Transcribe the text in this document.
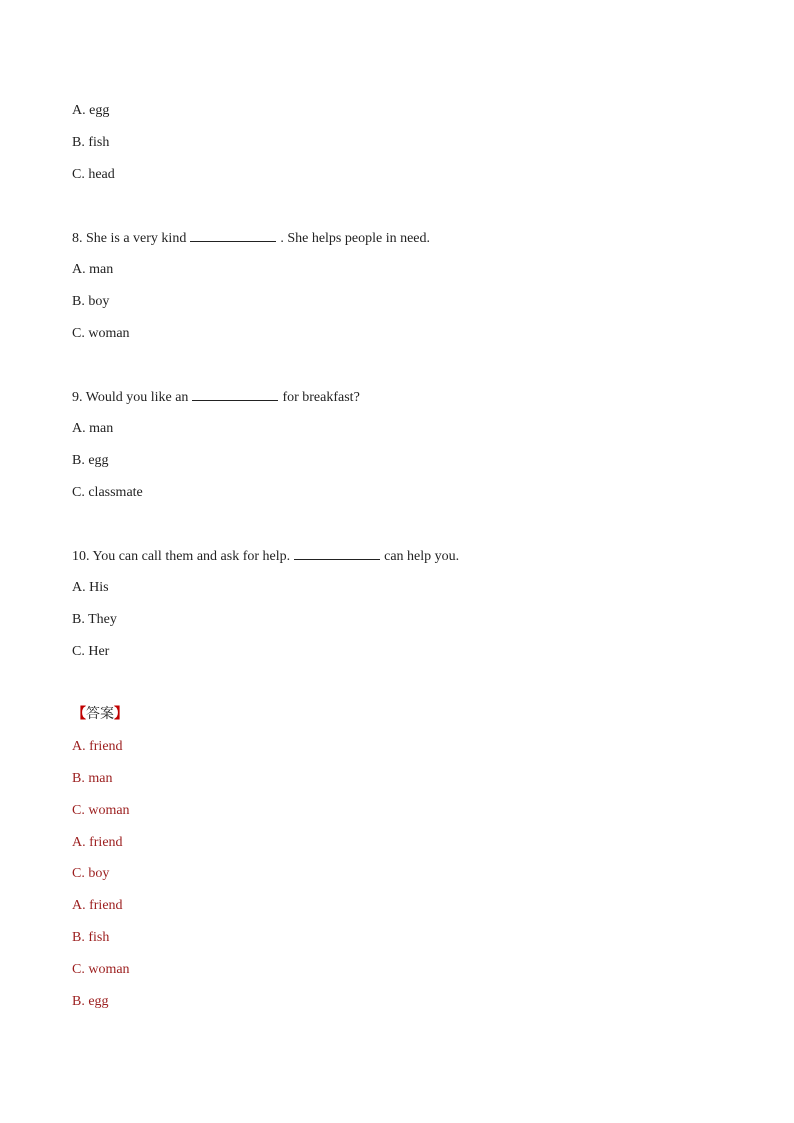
A. egg
B. fish
C. head
8. She is a very kind	. She helps people in need.
A. man
B. boy
C. woman
9. Would you like an	for breakfast?
A. man
B. egg
C. classmate
10. You can call them and ask for help.	can help you.
A. His
B. They
C. Her
【答案】
A. friend
B. man
C. woman
A. friend
C. boy
A. friend
B. fish
C. woman
B. egg
